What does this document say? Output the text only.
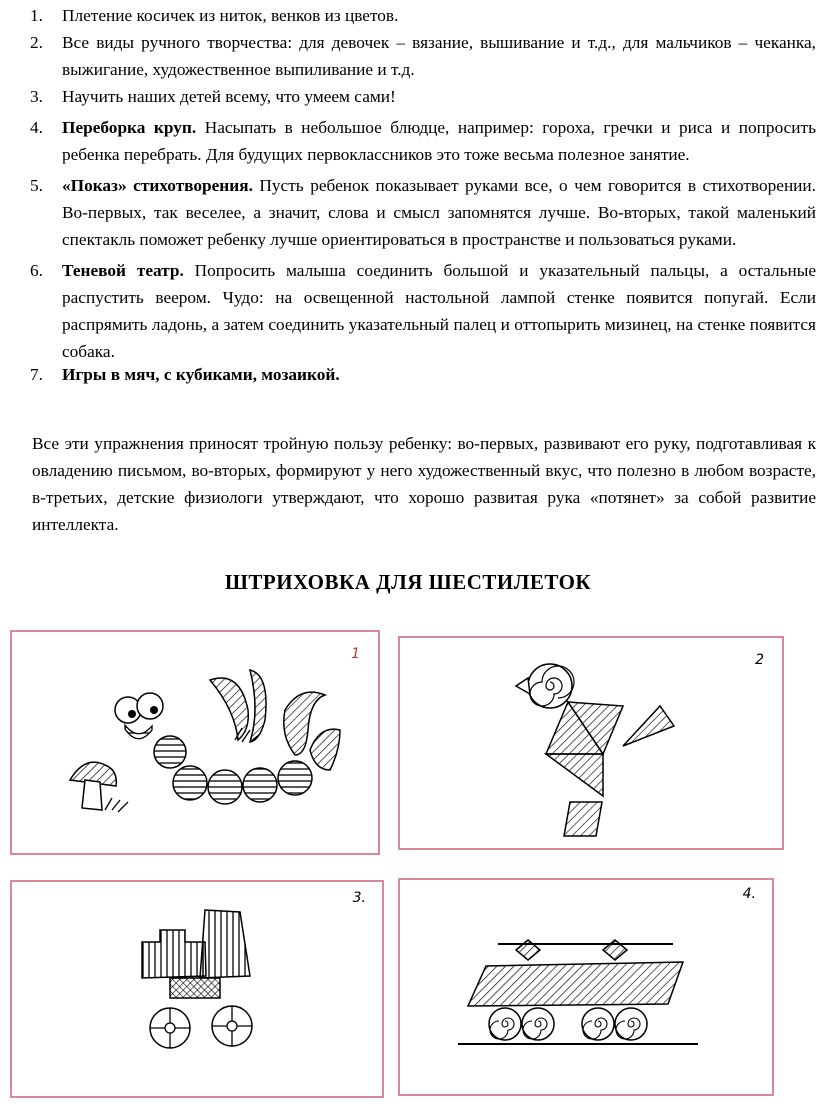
1. Плетение косичек из ниток, венков из цветов.
2. Все виды ручного творчества: для девочек – вязание, вышивание и т.д., для мальчиков – чеканка, выжигание, художественное выпиливание и т.д.
3. Научить наших детей всему, что умеем сами!
4. Переборка круп. Насыпать в небольшое блюдце, например: гороха, гречки и риса и попросить ребенка перебрать. Для будущих первоклассников это тоже весьма полезное занятие.
5. «Показ» стихотворения. Пусть ребенок показывает руками все, о чем говорится в стихотворении. Во-первых, так веселее, а значит, слова и смысл запомнятся лучше. Во-вторых, такой маленький спектакль поможет ребенку лучше ориентироваться в пространстве и пользоваться руками.
6. Теневой театр. Попросить малыша соединить большой и указательный пальцы, а остальные распустить веером. Чудо: на освещенной настольной лампой стенке появится попугай. Если распрямить ладонь, а затем соединить указательный палец и оттопырить мизинец, на стенке появится собака.
7. Игры в мяч, с кубиками, мозаикой.

Все эти упражнения приносят тройную пользу ребенку: во-первых, развивают его руку, подготавливая к овладению письмом, во-вторых, формируют у него художественный вкус, что полезно в любом возрасте, в-третьих, детские физиологи утверждают, что хорошо развитая рука «потянет» за собой развитие интеллекта.

ШТРИХОВКА ДЛЯ ШЕСТИЛЕТОК
1	2
3.	4.
